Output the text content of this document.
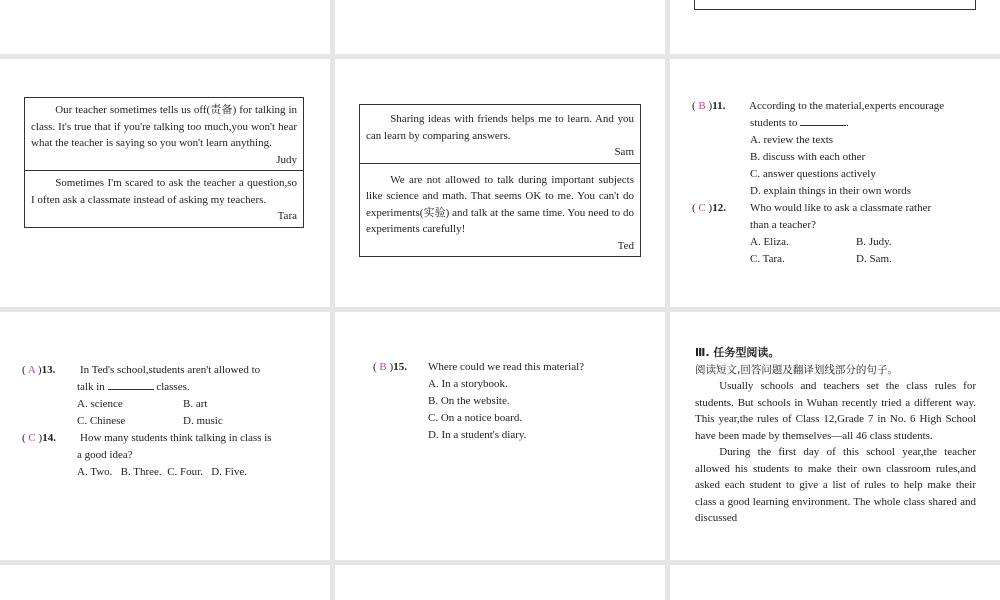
Our teacher sometimes tells us off(责备) for talking in class. It's true that if you're talking too much,you won't hear what the teacher is saying so you won't learn anything.

Judy

Sometimes I'm scared to ask the teacher a question,so I often ask a classmate instead of asking my teachers.

Tara

Sharing ideas with friends helps me to learn. And you can learn by comparing answers.

Sam

We are not allowed to talk during important subjects like science and math. That seems OK to me. You can't do experiments(实验) and talk at the same time. You need to do experiments carefully!

Ted

( B )11.	According to the material,experts encourage
students to	.
A. review the texts
B. discuss with each other
C. answer questions actively
D. explain things in their own words
( C )12.	Who would like to ask a classmate rather
than a teacher?
A. Eliza.	B. Judy.
C. Tara.	D. Sam.
( A )13.	In Ted's school,students aren't allowed to
talk in	classes.
A. science	B. art
C. Chinese	D. music
( C )14.	How many students think talking in class is
a good idea?
A. Two. B. Three. C. Four. D. Five.
( B )15.	Where could we read this material?
A. In a storybook.
B. On the website.
C. On a notice board.
D. In a student's diary.
Ⅲ. 任务型阅读。
阅读短文,回答问题及翻译划线部分的句子。

Usually schools and teachers set the class rules for students. But schools in Wuhan recently tried a different way. This year,the rules of Class 12,Grade 7 in No. 6 High School have been made by themselves—all 46 class students.

During the first day of this school year,the teacher allowed his students to make their own classroom rules,and asked each student to give a list of rules to help make their class a good learning environment. The whole class shared and discussed
